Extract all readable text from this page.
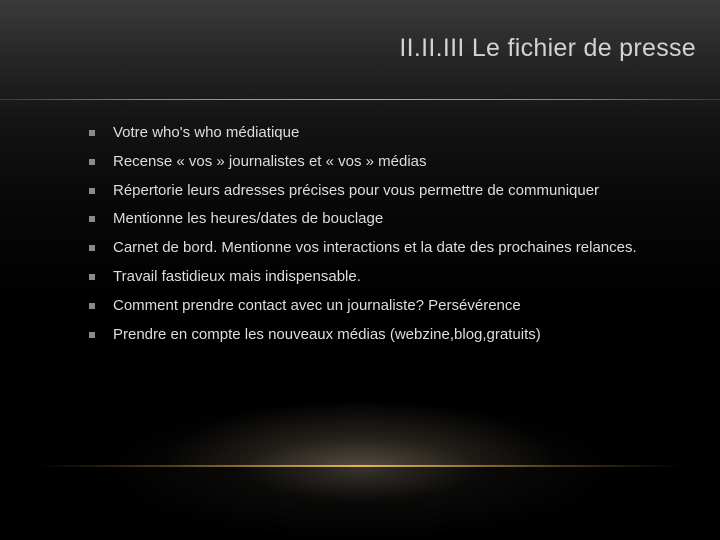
II.II.III Le fichier de presse
Votre who's who médiatique
Recense « vos » journalistes et « vos » médias
Répertorie leurs adresses précises pour vous permettre de communiquer
Mentionne les heures/dates de bouclage
Carnet de bord. Mentionne vos interactions et la date des prochaines relances.
Travail fastidieux mais indispensable.
Comment prendre contact avec un journaliste? Persévérence
Prendre en compte les nouveaux médias (webzine,blog,gratuits)
